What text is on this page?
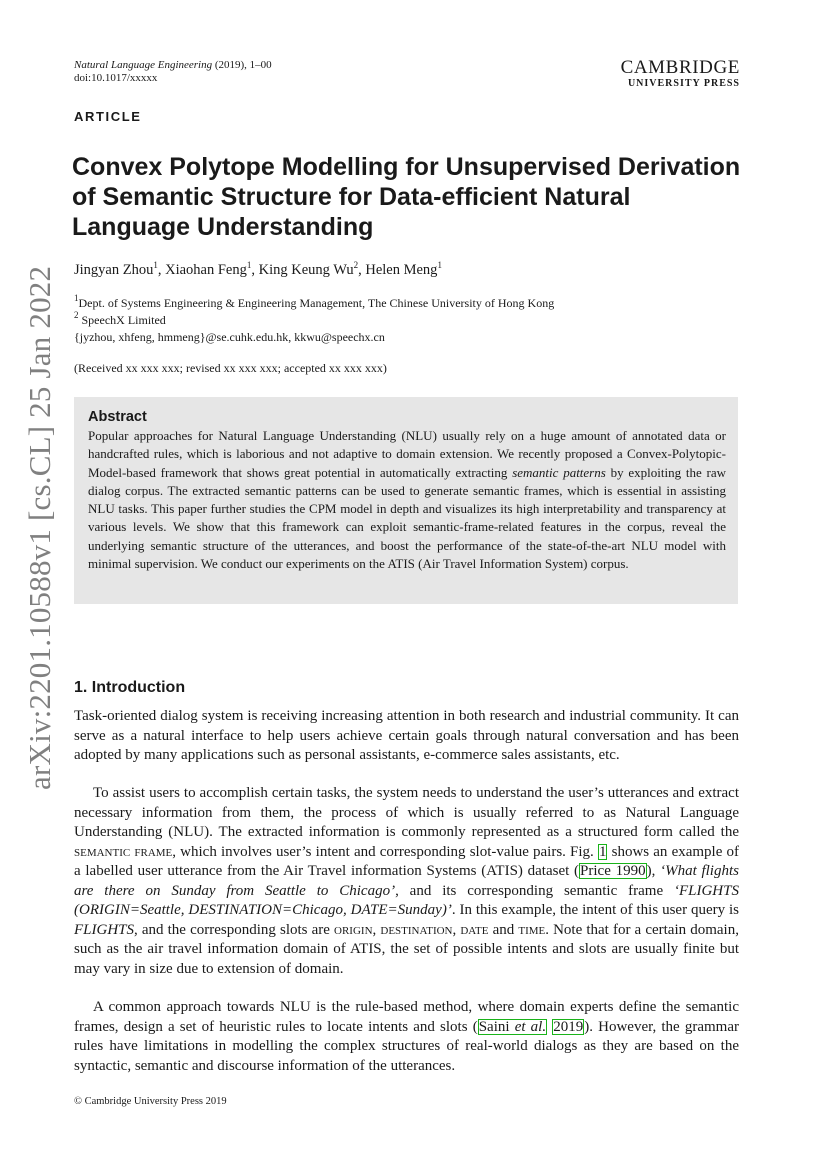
arXiv:2201.10588v1 [cs.CL] 25 Jan 2022
Natural Language Engineering (2019), 1–00
doi:10.1017/xxxxx	CAMBRIDGE
UNIVERSITY PRESS
ARTICLE
Convex Polytope Modelling for Unsupervised Derivation of Semantic Structure for Data-efficient Natural Language Understanding
Jingyan Zhou$^1$, Xiaohan Feng$^1$, King Keung Wu$^2$, Helen Meng$^1$
$^1$Dept. of Systems Engineering & Engineering Management, The Chinese University of Hong Kong
$^2$ SpeechX Limited
{jyzhou, xhfeng, hmmeng}@se.cuhk.edu.hk, kkwu@speechx.cn
(Received xx xxx xxx; revised xx xxx xxx; accepted xx xxx xxx)
Abstract
Popular approaches for Natural Language Understanding (NLU) usually rely on a huge amount of annotated data or handcrafted rules, which is laborious and not adaptive to domain extension. We recently proposed a Convex-Polytopic-Model-based framework that shows great potential in automatically extracting semantic patterns by exploiting the raw dialog corpus. The extracted semantic patterns can be used to generate semantic frames, which is essential in assisting NLU tasks. This paper further studies the CPM model in depth and visualizes its high interpretability and transparency at various levels. We show that this framework can exploit semantic-frame-related features in the corpus, reveal the underlying semantic structure of the utterances, and boost the performance of the state-of-the-art NLU model with minimal supervision. We conduct our experiments on the ATIS (Air Travel Information System) corpus.
1. Introduction
Task-oriented dialog system is receiving increasing attention in both research and industrial community. It can serve as a natural interface to help users achieve certain goals through natural conversation and has been adopted by many applications such as personal assistants, e-commerce sales assistants, etc.
To assist users to accomplish certain tasks, the system needs to understand the user’s utterances and extract necessary information from them, the process of which is usually referred to as Natural Language Understanding (NLU). The extracted information is commonly represented as a structured form called the semantic frame, which involves user’s intent and corresponding slot-value pairs. Fig. 1 shows an example of a labelled user utterance from the Air Travel information Systems (ATIS) dataset (Price 1990), ‘What flights are there on Sunday from Seattle to Chicago’, and its corresponding semantic frame ‘FLIGHTS (ORIGIN=Seattle, DESTINATION=Chicago, DATE=Sunday)’. In this example, the intent of this user query is FLIGHTS, and the corresponding slots are origin, destination, date and time. Note that for a certain domain, such as the air travel information domain of ATIS, the set of possible intents and slots are usually finite but may vary in size due to extension of domain.
A common approach towards NLU is the rule-based method, where domain experts define the semantic frames, design a set of heuristic rules to locate intents and slots (Saini et al. 2019). However, the grammar rules have limitations in modelling the complex structures of real-world dialogs as they are based on the syntactic, semantic and discourse information of the utterances.
© Cambridge University Press 2019
